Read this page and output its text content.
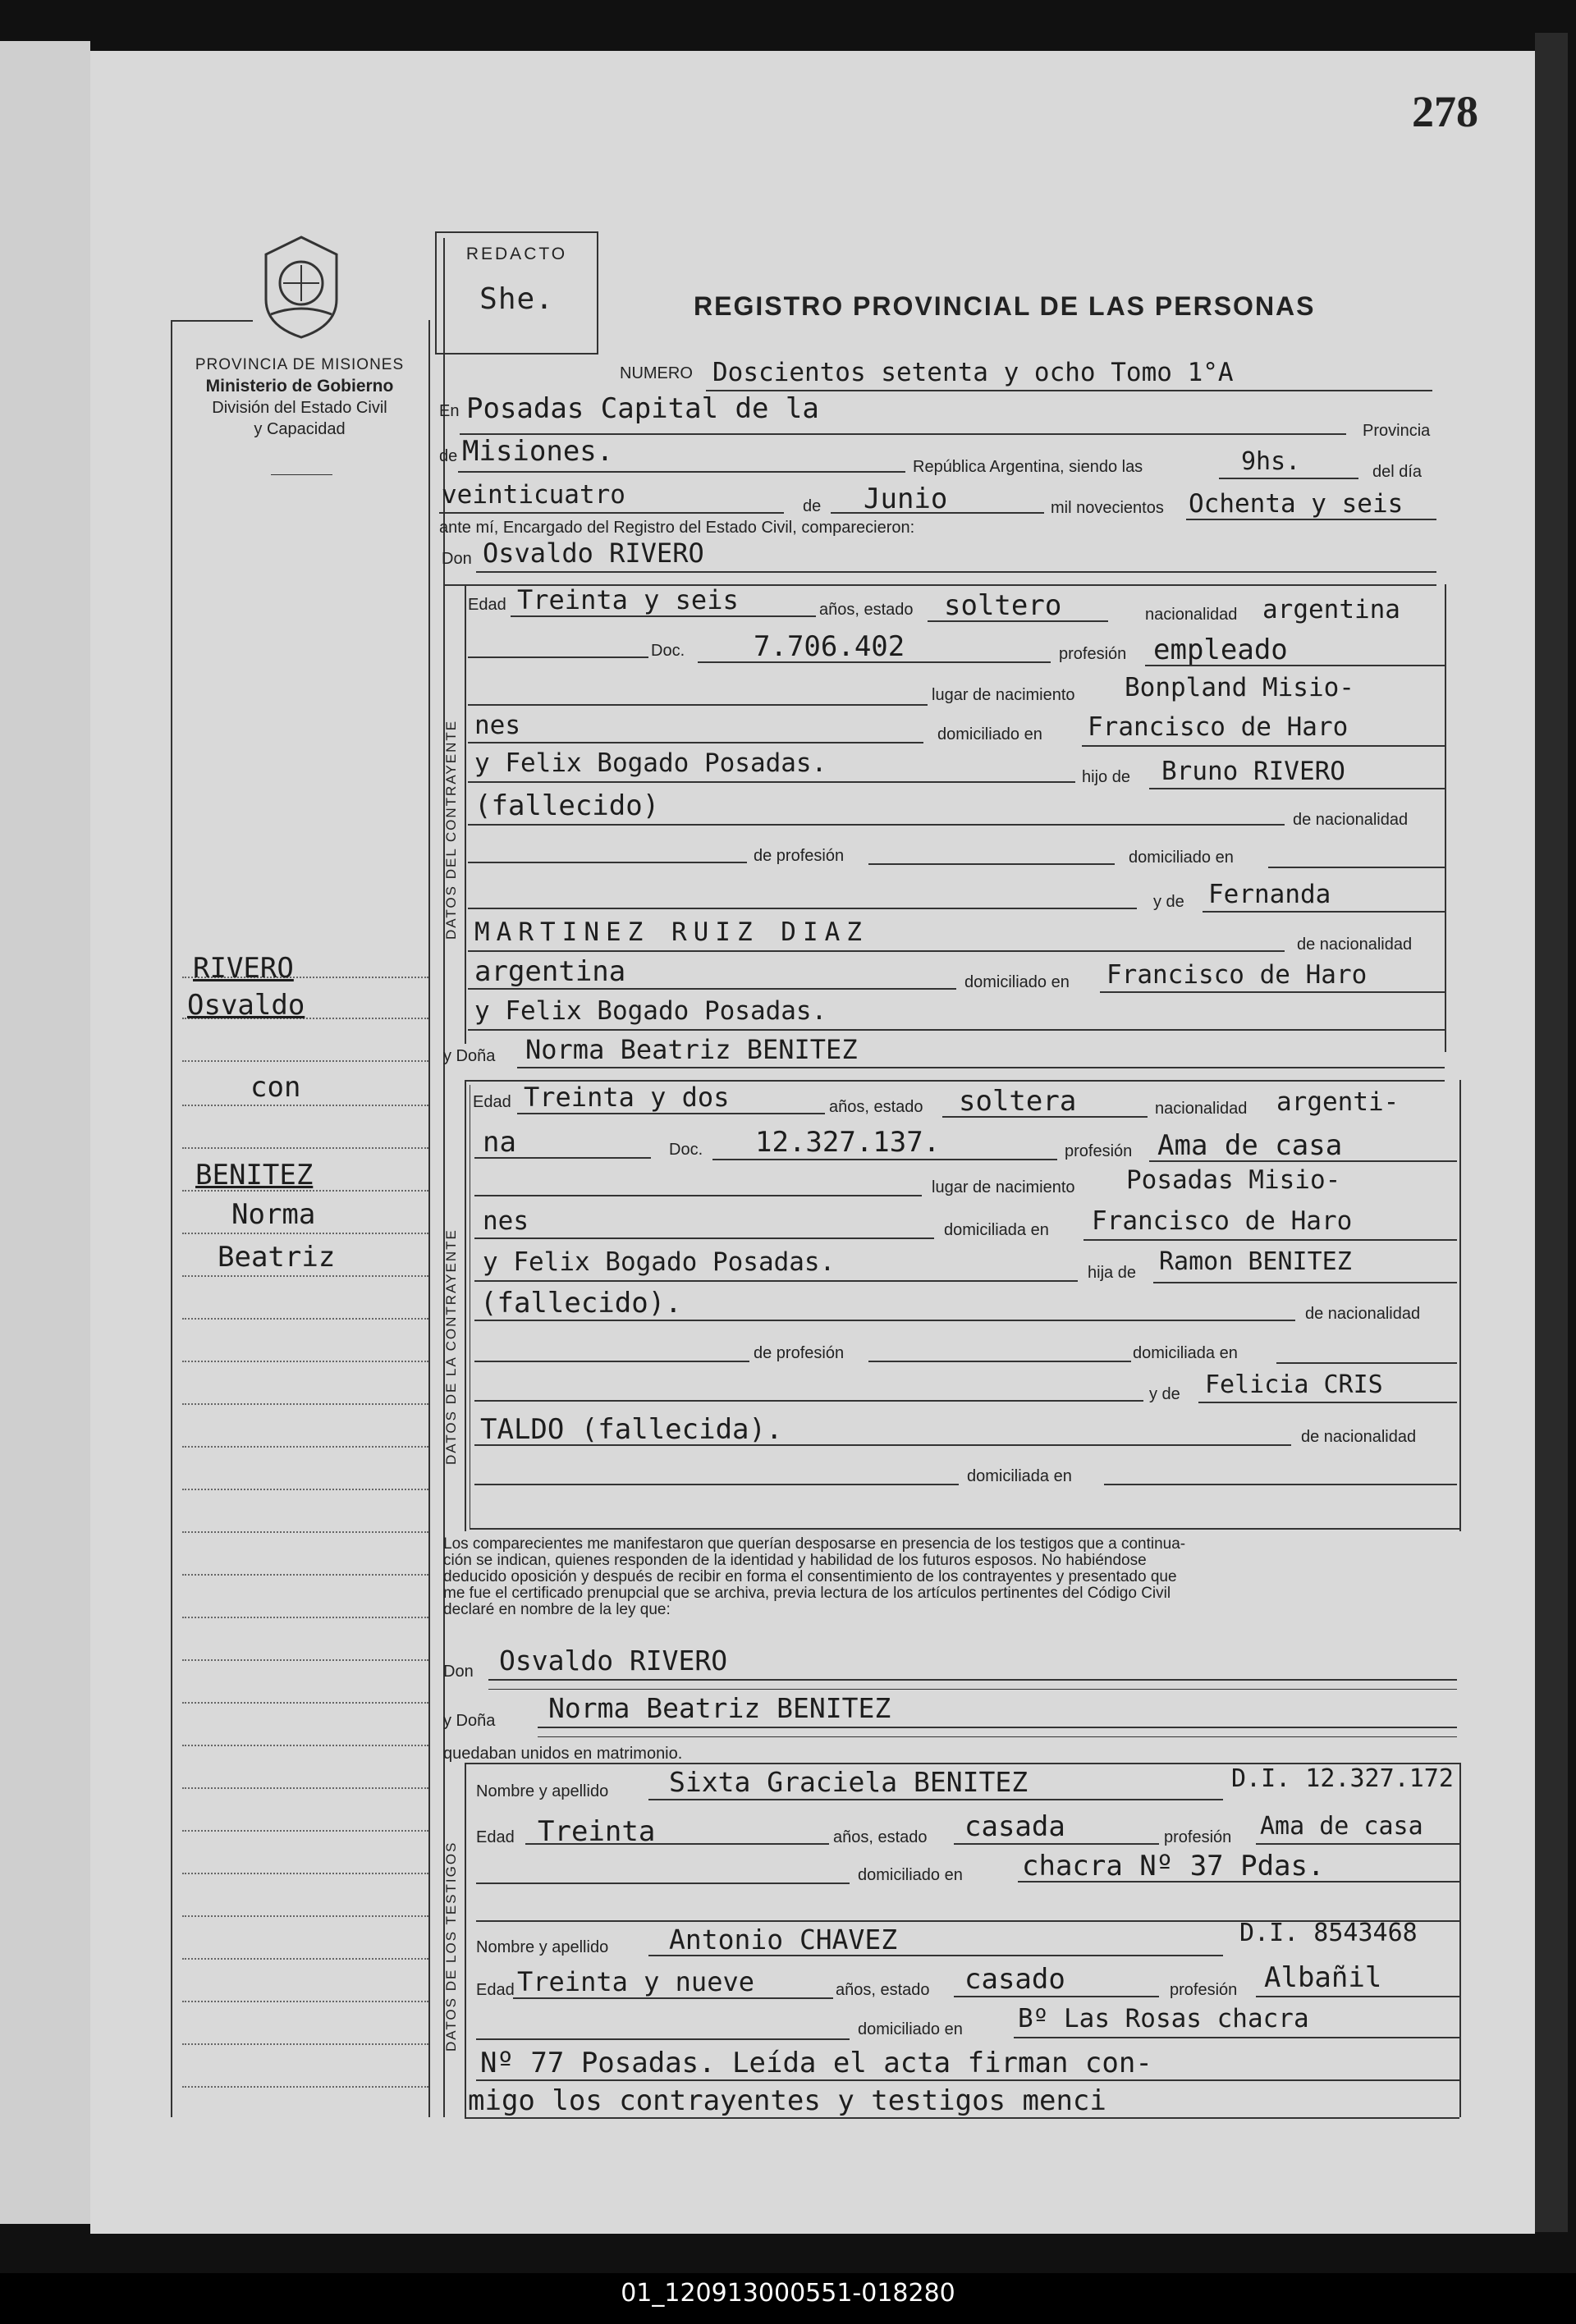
278
PROVINCIA DE MISIONES
Ministerio de Gobierno
División del Estado Civil
y Capacidad
RIVERO
Osvaldo
con
BENITEZ
Norma
Beatriz
REDACTO
She.	REGISTRO PROVINCIAL DE LAS PERSONAS
NUMERO Doscientos setenta y ocho Tomo 1°A
En Posadas Capital de la
Provincia
de Misiones.	República Argentina, siendo las	9hs.	del día
veinticuatro	de Junio	mil novecientos Ochenta y seis
ante mí, Encargado del Registro del Estado Civil, comparecieron:
Don Osvaldo RIVERO
DATOS DEL CONTRAYENTE
Edad Treinta y seis	años, estado soltero	nacionalidad argentina
Doc. 7.706.402	profesión empleado
lugar de nacimiento Bonpland Misio-
nes	domiciliado en Francisco de Haro
y Felix Bogado Posadas.	hijo de Bruno RIVERO
(fallecido)	de nacionalidad
de profesión	domiciliado en
y de Fernanda
MARTINEZ RUIZ DIAZ	de nacionalidad
argentina	domiciliado en Francisco de Haro
y Felix Bogado Posadas.
y Doña Norma Beatriz BENITEZ
DATOS DE LA CONTRAYENTE
Edad Treinta y dos	años, estado soltera	nacionalidad argenti-
na	Doc. 12.327.137.	profesión Ama de casa
lugar de nacimiento Posadas Misio-
nes	domiciliada en Francisco de Haro
y Felix Bogado Posadas.	hija de Ramon BENITEZ
(fallecido).	de nacionalidad
de profesión	domiciliada en
y de Felicia CRIS
TALDO (fallecida).	de nacionalidad
domiciliada en
Los comparecientes me manifestaron que querían desposarse en presencia de los testigos que a continua-
ción se indican, quienes responden de la identidad y habilidad de los futuros esposos. No habiéndose
deducido oposición y después de recibir en forma el consentimiento de los contrayentes y presentado que
me fue el certificado prenupcial que se archiva, previa lectura de los artículos pertinentes del Código Civil
declaré en nombre de la ley que:
Don Osvaldo RIVERO
y Doña Norma Beatriz BENITEZ
quedaban unidos en matrimonio.
DATOS DE LOS TESTIGOS
Nombre y apellido Sixta Graciela BENITEZ	D.I. 12.327.172
Edad Treinta	años, estado casada	profesión Ama de casa
domiciliado en chacra Nº 37 Pdas.
Nombre y apellido Antonio CHAVEZ	D.I. 8543468
Edad Treinta y nueve	años, estado casado	profesión Albañil
domiciliado en Bº Las Rosas chacra
Nº 77 Posadas. Leída el acta firman con-
migo los contrayentes y testigos menci
01_120913000551-018280
